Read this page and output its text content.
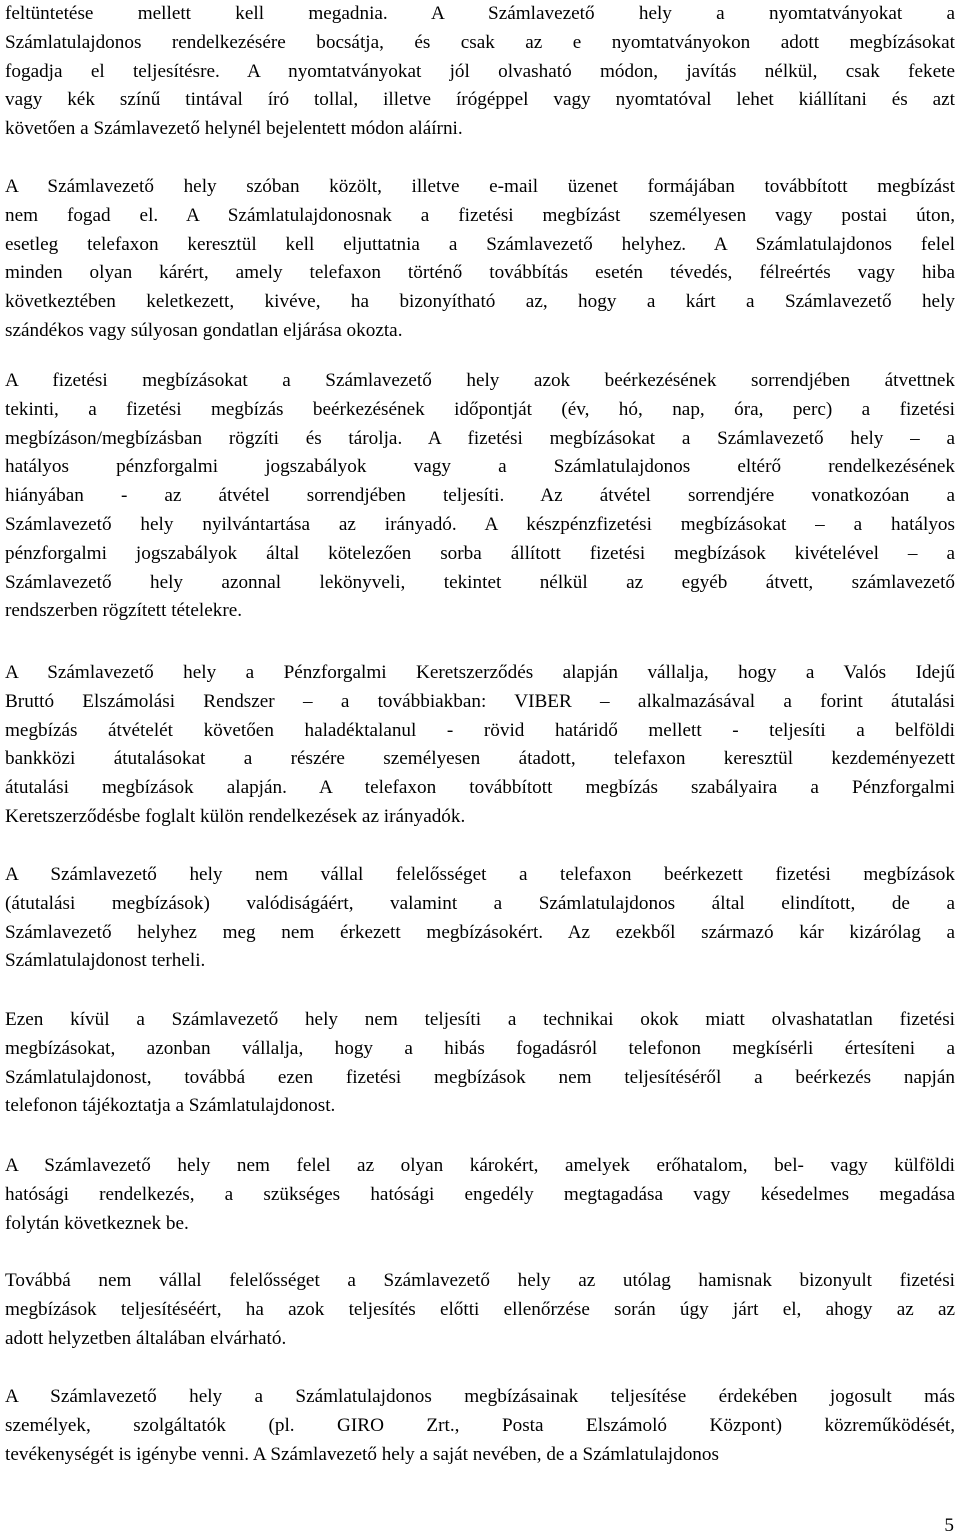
feltüntetése mellett kell megadnia. A Számlavezető hely a nyomtatványokat a
Számlatulajdonos rendelkezésére bocsátja, és csak az e nyomtatványokon adott megbízásokat
fogadja el teljesítésre. A nyomtatványokat jól olvasható módon, javítás nélkül, csak fekete
vagy kék színű tintával író tollal, illetve írógéppel vagy nyomtatóval lehet kiállítani és azt
követően a Számlavezető helynél bejelentett módon aláírni.
A Számlavezető hely szóban közölt, illetve e-mail üzenet formájában továbbított megbízást
nem fogad el. A Számlatulajdonosnak a fizetési megbízást személyesen vagy postai úton,
esetleg telefaxon keresztül kell eljuttatnia a Számlavezető helyhez. A Számlatulajdonos felel
minden olyan kárért, amely telefaxon történő továbbítás esetén tévedés, félreértés vagy hiba
következtében keletkezett, kivéve, ha bizonyítható az, hogy a kárt a Számlavezető hely
szándékos vagy súlyosan gondatlan eljárása okozta.
A fizetési megbízásokat a Számlavezető hely azok beérkezésének sorrendjében átvettnek
tekinti, a fizetési megbízás beérkezésének időpontját (év, hó, nap, óra, perc) a fizetési
megbízáson/megbízásban rögzíti és tárolja. A fizetési megbízásokat a Számlavezető hely – a
hatályos pénzforgalmi jogszabályok vagy a Számlatulajdonos eltérő rendelkezésének
hiányában - az átvétel sorrendjében teljesíti. Az átvétel sorrendjére vonatkozóan a
Számlavezető hely nyilvántartása az irányadó. A készpénzfizetési megbízásokat – a hatályos
pénzforgalmi jogszabályok által kötelezően sorba állított fizetési megbízások kivételével – a
Számlavezető hely azonnal lekönyveli, tekintet nélkül az egyéb átvett, számlavezető
rendszerben rögzített tételekre.
A Számlavezető hely a Pénzforgalmi Keretszerződés alapján vállalja, hogy a Valós Idejű
Bruttó Elszámolási Rendszer – a továbbiakban: VIBER – alkalmazásával a forint átutalási
megbízás átvételét követően haladéktalanul - rövid határidő mellett - teljesíti a belföldi
bankközi átutalásokat a részére személyesen átadott, telefaxon keresztül kezdeményezett
átutalási megbízások alapján. A telefaxon továbbított megbízás szabályaira a Pénzforgalmi
Keretszerződésbe foglalt külön rendelkezések az irányadók.
A Számlavezető hely nem vállal felelősséget a telefaxon beérkezett fizetési megbízások
(átutalási megbízások) valódiságáért, valamint a Számlatulajdonos által elindított, de a
Számlavezető helyhez meg nem érkezett megbízásokért. Az ezekből származó kár kizárólag a
Számlatulajdonost terheli.
Ezen kívül a Számlavezető hely nem teljesíti a technikai okok miatt olvashatatlan fizetési
megbízásokat, azonban vállalja, hogy a hibás fogadásról telefonon megkísérli értesíteni a
Számlatulajdonost, továbbá ezen fizetési megbízások nem teljesítéséről a beérkezés napján
telefonon tájékoztatja a Számlatulajdonost.
A Számlavezető hely nem felel az olyan károkért, amelyek erőhatalom, bel- vagy külföldi
hatósági rendelkezés, a szükséges hatósági engedély megtagadása vagy késedelmes megadása
folytán következnek be.
Továbbá nem vállal felelősséget a Számlavezető hely az utólag hamisnak bizonyult fizetési
megbízások teljesítéséért, ha azok teljesítés előtti ellenőrzése során úgy járt el, ahogy az az
adott helyzetben általában elvárható.
A Számlavezető hely a Számlatulajdonos megbízásainak teljesítése érdekében jogosult más
személyek, szolgáltatók (pl. GIRO Zrt., Posta Elszámoló Központ) közreműködését,
tevékenységét is igénybe venni. A Számlavezető hely a saját nevében, de a Számlatulajdonos
5
